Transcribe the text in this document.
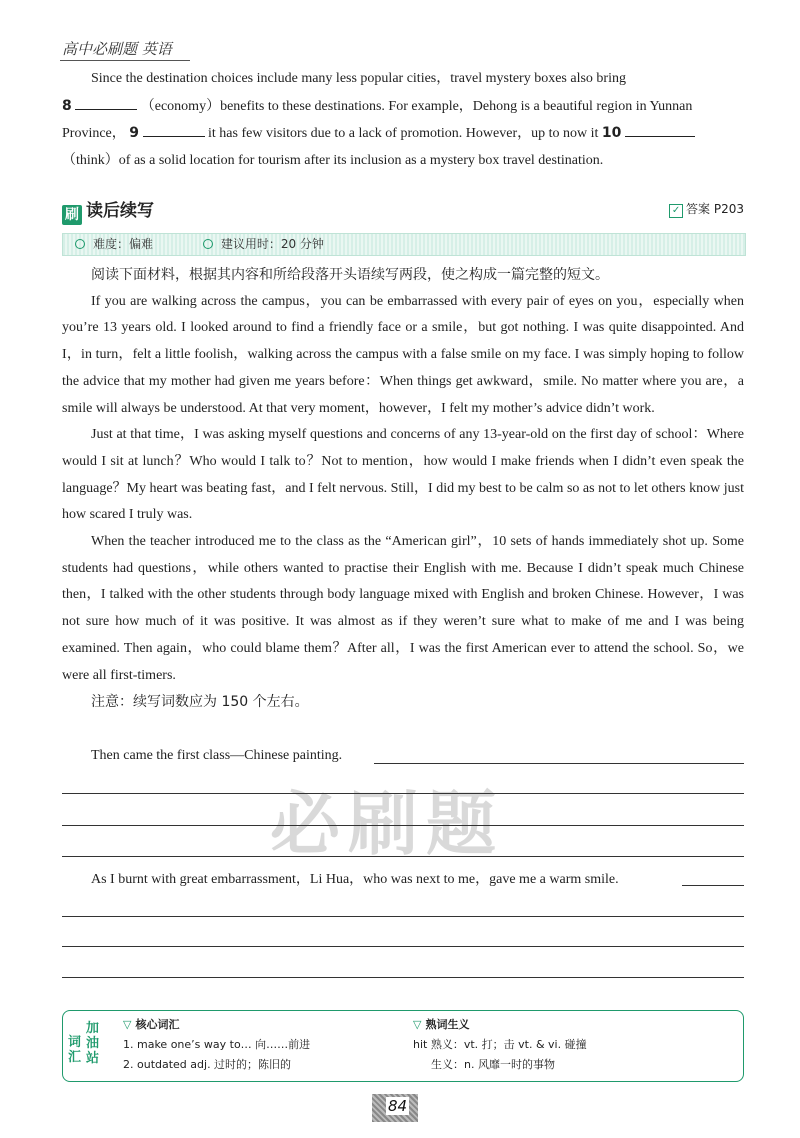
高中必刷题 英语
Since the destination choices include many less popular cities，travel mystery boxes also bring
8	（economy）benefits to these destinations. For example，Dehong is a beautiful region in Yunnan
Province， 9	it has few visitors due to a lack of promotion. However，up to now it 10
（think）of as a solid location for tourism after its inclusion as a mystery box travel destination.
刷 读后续写	✓ 答案 P203
难度：偏难	建议用时：20 分钟

阅读下面材料，根据其内容和所给段落开头语续写两段，使之构成一篇完整的短文。

If you are walking across the campus，you can be embarrassed with every pair of eyes on you，especially when you’re 13 years old. I looked around to find a friendly face or a smile，but got nothing. I was quite disappointed. And I，in turn，felt a little foolish，walking across the campus with a false smile on my face. I was simply hoping to follow the advice that my mother had given me years before：When things get awkward，smile. No matter where you are，a smile will always be understood. At that very moment，however，I felt my mother’s advice didn’t work.

Just at that time，I was asking myself questions and concerns of any 13-year-old on the first day of school：Where would I sit at lunch？Who would I talk to？Not to mention，how would I make friends when I didn’t even speak the language？My heart was beating fast，and I felt nervous. Still，I did my best to be calm so as not to let others know just how scared I truly was.

When the teacher introduced me to the class as the “American girl”，10 sets of hands immediately shot up. Some students had questions，while others wanted to practise their English with me. Because I didn’t speak much Chinese then，I talked with the other students through body language mixed with English and broken Chinese. However，I was not sure how much of it was positive. It was almost as if they weren’t sure what to make of me and I was being examined. Then again，who could blame them？After all，I was the first American ever to attend the school. So，we were all first-timers.

注意：续写词数应为 150 个左右。

必刷题

Then came the first class—Chinese painting.

As I burnt with great embarrassment，Li Hua，who was next to me，gave me a warm smile.

词汇
加油站
▽ 核心词汇
1. make one’s way to… 向……前进
2. outdated adj. 过时的；陈旧的
▽ 熟词生义
hit 熟义：vt. 打；击 vt. & vi. 碰撞
生义：n. 风靡一时的事物
84
